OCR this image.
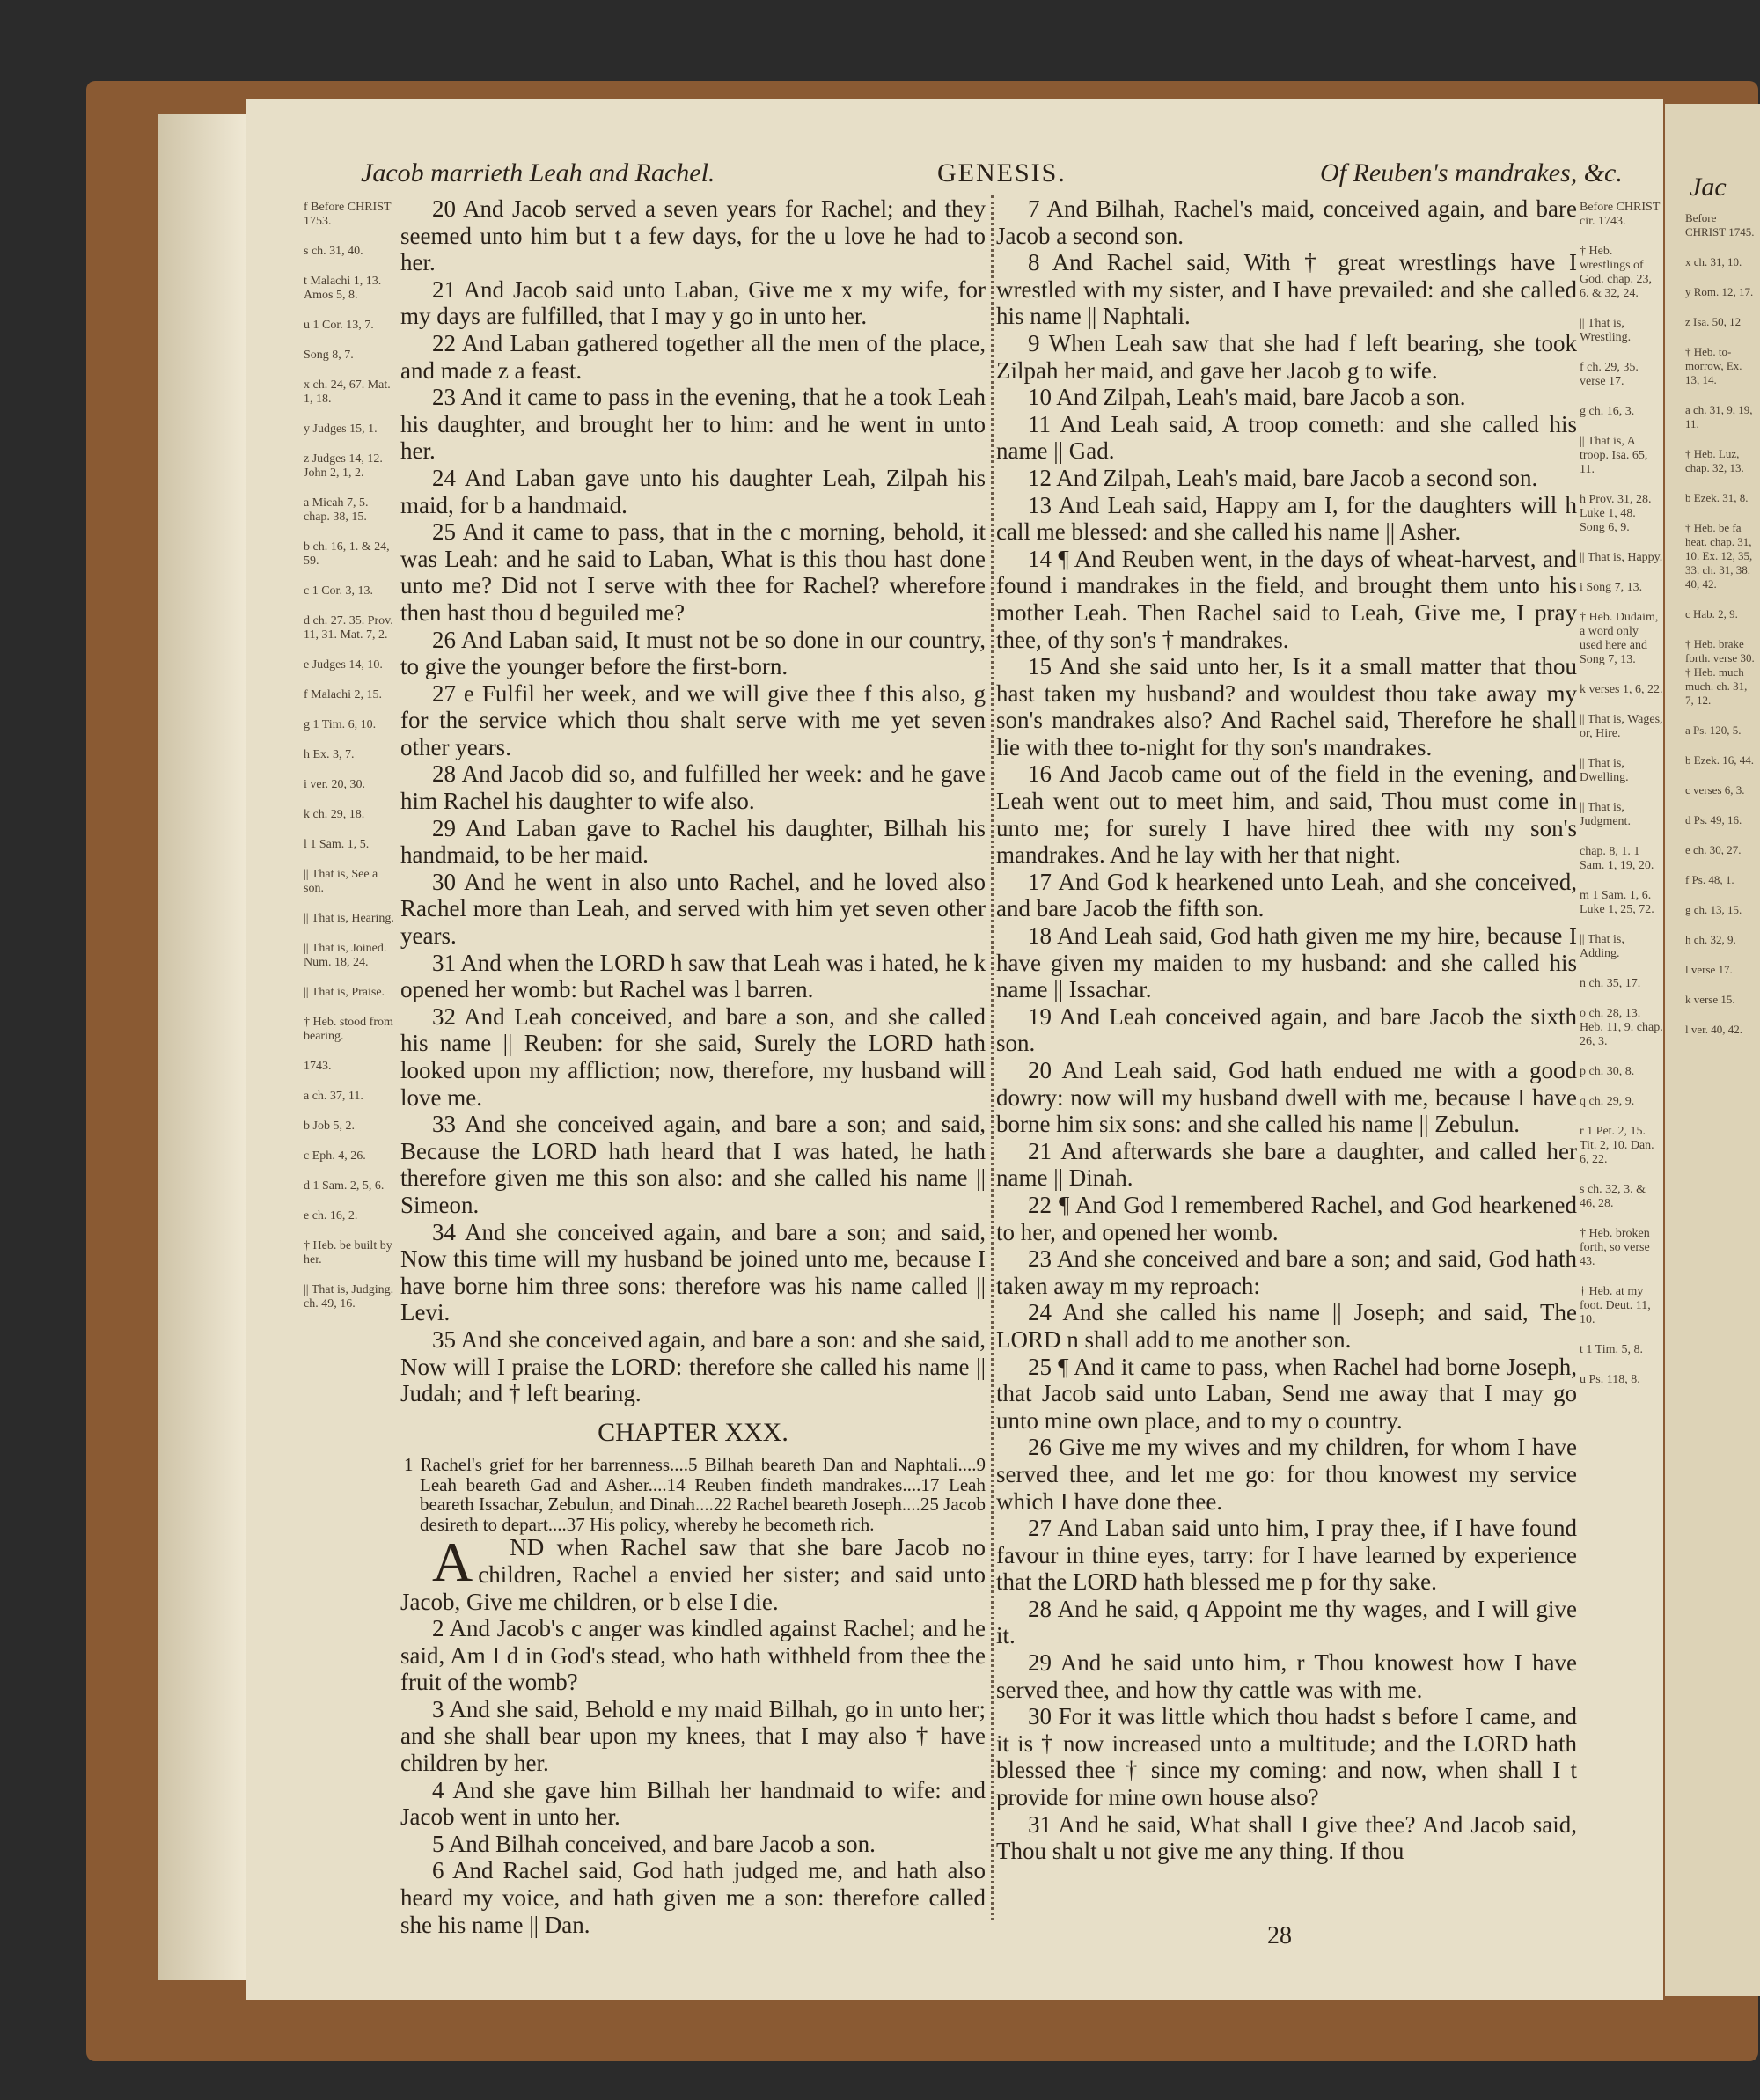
Jac
Jacob marrieth Leah and Rachel.	GENESIS.	Of Reuben's mandrakes, &c.
f Before CHRIST 1753.
s ch. 31, 40.
t Malachi 1, 13. Amos 5, 8.
u 1 Cor. 13, 7.
Song 8, 7.
x ch. 24, 67. Mat. 1, 18.
y Judges 15, 1.
z Judges 14, 12. John 2, 1, 2.
a Micah 7, 5. chap. 38, 15.
b ch. 16, 1. & 24, 59.
c 1 Cor. 3, 13.
d ch. 27. 35. Prov. 11, 31. Mat. 7, 2.
e Judges 14, 10.
f Malachi 2, 15.
g 1 Tim. 6, 10.
h Ex. 3, 7.
i ver. 20, 30.
k ch. 29, 18.
l 1 Sam. 1, 5.
|| That is, See a son.
|| That is, Hearing.
|| That is, Joined. Num. 18, 24.
|| That is, Praise.
† Heb. stood from bearing.
1743.
a ch. 37, 11.
b Job 5, 2.
c Eph. 4, 26.
d 1 Sam. 2, 5, 6.
e ch. 16, 2.
† Heb. be built by her.
|| That is, Judging. ch. 49, 16.

20 And Jacob served a seven years for Rachel; and they seemed unto him but t a few days, for the u love he had to her.

21 And Jacob said unto Laban, Give me x my wife, for my days are fulfilled, that I may y go in unto her.

22 And Laban gathered together all the men of the place, and made z a feast.

23 And it came to pass in the evening, that he a took Leah his daughter, and brought her to him: and he went in unto her.

24 And Laban gave unto his daughter Leah, Zilpah his maid, for b a handmaid.

25 And it came to pass, that in the c morning, behold, it was Leah: and he said to Laban, What is this thou hast done unto me? Did not I serve with thee for Rachel? wherefore then hast thou d beguiled me?

26 And Laban said, It must not be so done in our country, to give the younger before the first-born.

27 e Fulfil her week, and we will give thee f this also, g for the service which thou shalt serve with me yet seven other years.

28 And Jacob did so, and fulfilled her week: and he gave him Rachel his daughter to wife also.

29 And Laban gave to Rachel his daughter, Bilhah his handmaid, to be her maid.

30 And he went in also unto Rachel, and he loved also Rachel more than Leah, and served with him yet seven other years.

31 And when the LORD h saw that Leah was i hated, he k opened her womb: but Rachel was l barren.

32 And Leah conceived, and bare a son, and she called his name || Reuben: for she said, Surely the LORD hath looked upon my affliction; now, therefore, my husband will love me.

33 And she conceived again, and bare a son; and said, Because the LORD hath heard that I was hated, he hath therefore given me this son also: and she called his name || Simeon.

34 And she conceived again, and bare a son; and said, Now this time will my husband be joined unto me, because I have borne him three sons: therefore was his name called || Levi.

35 And she conceived again, and bare a son: and she said, Now will I praise the LORD: therefore she called his name || Judah; and † left bearing.

CHAPTER XXX.
1 Rachel's grief for her barrenness....5 Bilhah beareth Dan and Naphtali....9 Leah beareth Gad and Asher....14 Reuben findeth mandrakes....17 Leah beareth Issachar, Zebulun, and Dinah....22 Rachel beareth Joseph....25 Jacob desireth to depart....37 His policy, whereby he becometh rich.

A ND when Rachel saw that she bare Jacob no children, Rachel a envied her sister; and said unto Jacob, Give me children, or b else I die.

2 And Jacob's c anger was kindled against Rachel; and he said, Am I d in God's stead, who hath withheld from thee the fruit of the womb?

3 And she said, Behold e my maid Bilhah, go in unto her; and she shall bear upon my knees, that I may also † have children by her.

4 And she gave him Bilhah her handmaid to wife: and Jacob went in unto her.

5 And Bilhah conceived, and bare Jacob a son.

6 And Rachel said, God hath judged me, and hath also heard my voice, and hath given me a son: therefore called she his name || Dan.

7 And Bilhah, Rachel's maid, conceived again, and bare Jacob a second son.

8 And Rachel said, With † great wrestlings have I wrestled with my sister, and I have prevailed: and she called his name || Naphtali.

9 When Leah saw that she had f left bearing, she took Zilpah her maid, and gave her Jacob g to wife.

10 And Zilpah, Leah's maid, bare Jacob a son.

11 And Leah said, A troop cometh: and she called his name || Gad.

12 And Zilpah, Leah's maid, bare Jacob a second son.

13 And Leah said, Happy am I, for the daughters will h call me blessed: and she called his name || Asher.

14 ¶ And Reuben went, in the days of wheat-harvest, and found i mandrakes in the field, and brought them unto his mother Leah. Then Rachel said to Leah, Give me, I pray thee, of thy son's † mandrakes.

15 And she said unto her, Is it a small matter that thou hast taken my husband? and wouldest thou take away my son's mandrakes also? And Rachel said, Therefore he shall lie with thee to-night for thy son's mandrakes.

16 And Jacob came out of the field in the evening, and Leah went out to meet him, and said, Thou must come in unto me; for surely I have hired thee with my son's mandrakes. And he lay with her that night.

17 And God k hearkened unto Leah, and she conceived, and bare Jacob the fifth son.

18 And Leah said, God hath given me my hire, because I have given my maiden to my husband: and she called his name || Issachar.

19 And Leah conceived again, and bare Jacob the sixth son.

20 And Leah said, God hath endued me with a good dowry: now will my husband dwell with me, because I have borne him six sons: and she called his name || Zebulun.

21 And afterwards she bare a daughter, and called her name || Dinah.

22 ¶ And God l remembered Rachel, and God hearkened to her, and opened her womb.

23 And she conceived and bare a son; and said, God hath taken away m my reproach:

24 And she called his name || Joseph; and said, The LORD n shall add to me another son.

25 ¶ And it came to pass, when Rachel had borne Joseph, that Jacob said unto Laban, Send me away that I may go unto mine own place, and to my o country.

26 Give me my wives and my children, for whom I have served thee, and let me go: for thou knowest my service which I have done thee.

27 And Laban said unto him, I pray thee, if I have found favour in thine eyes, tarry: for I have learned by experience that the LORD hath blessed me p for thy sake.

28 And he said, q Appoint me thy wages, and I will give it.

29 And he said unto him, r Thou knowest how I have served thee, and how thy cattle was with me.

30 For it was little which thou hadst s before I came, and it is † now increased unto a multitude; and the LORD hath blessed thee † since my coming: and now, when shall I t provide for mine own house also?

31 And he said, What shall I give thee? And Jacob said, Thou shalt u not give me any thing. If thou

Before CHRIST cir. 1743.
† Heb. wrestlings of God. chap. 23, 6. & 32, 24.
|| That is, Wrestling.
f ch. 29, 35. verse 17.
g ch. 16, 3.
|| That is, A troop. Isa. 65, 11.
h Prov. 31, 28. Luke 1, 48. Song 6, 9.
|| That is, Happy.
i Song 7, 13.
† Heb. Dudaim, a word only used here and Song 7, 13.
k verses 1, 6, 22.
|| That is, Wages, or, Hire.
|| That is, Dwelling.
|| That is, Judgment.
chap. 8, 1. 1 Sam. 1, 19, 20.
m 1 Sam. 1, 6. Luke 1, 25, 72.
|| That is, Adding.
n ch. 35, 17.
o ch. 28, 13. Heb. 11, 9. chap. 26, 3.
p ch. 30, 8.
q ch. 29, 9.
r 1 Pet. 2, 15. Tit. 2, 10. Dan. 6, 22.
s ch. 32, 3. & 46, 28.
† Heb. broken forth, so verse 43.
† Heb. at my foot. Deut. 11, 10.
t 1 Tim. 5, 8.
u Ps. 118, 8.
Before CHRIST 1745.
x ch. 31, 10.
y Rom. 12, 17.
z Isa. 50, 12
† Heb. to-morrow, Ex. 13, 14.
a ch. 31, 9, 19, 11.
† Heb. Luz, chap. 32, 13.
b Ezek. 31, 8.
† Heb. be fa heat. chap. 31, 10. Ex. 12, 35, 33. ch. 31, 38. 40, 42.
c Hab. 2, 9.
† Heb. brake forth. verse 30. † Heb. much much. ch. 31, 7, 12.
a Ps. 120, 5.
b Ezek. 16, 44.
c verses 6, 3.
d Ps. 49, 16.
e ch. 30, 27.
f Ps. 48, 1.
g ch. 13, 15.
h ch. 32, 9.
l verse 17.
k verse 15.
l ver. 40, 42.
28
